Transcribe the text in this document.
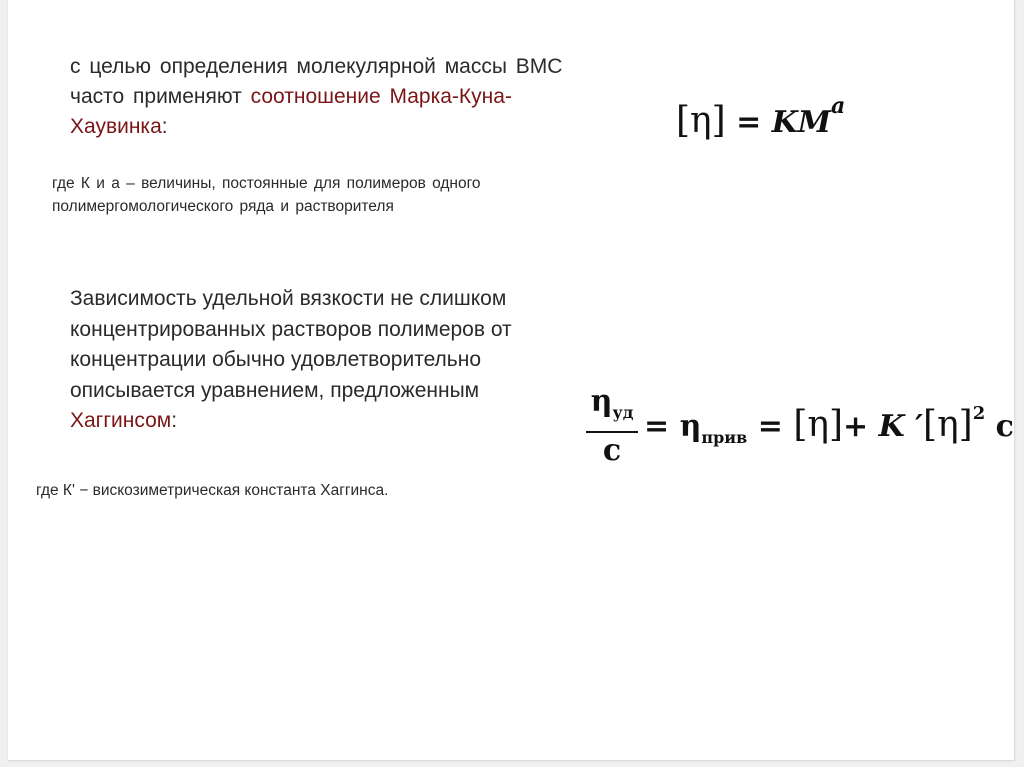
с целью определения молекулярной массы ВМС часто применяют соотношение Марка-Куна-Хаувинка:	$[\eta] = KM^a$

где К и а – величины, постоянные для полимеров одного полимергомологического ряда и растворителя

Зависимость удельной вязкости не слишком концентрированных растворов полимеров от концентрации обычно удовлетворительно описывается уравнением, предложенным Хаггинсом:

$\eta_{уд}$
c
= $\eta_{прив} = [\eta]+ K$ $'[\eta]^2$ c

где К' − вискозиметрическая константа Хаггинса.
